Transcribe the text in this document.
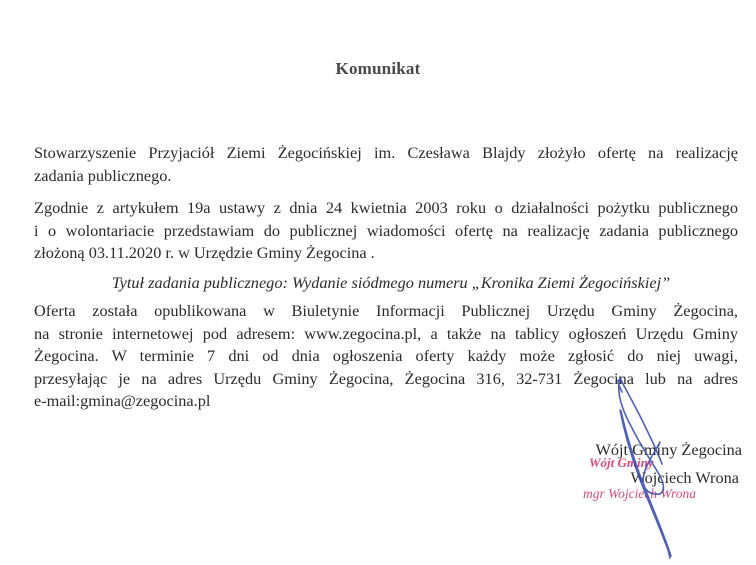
Komunikat
Stowarzyszenie Przyjaciół Ziemi Żegocińskiej im. Czesława Blajdy złożyło ofertę na realizację
zadania publicznego.
Zgodnie z artykułem 19a ustawy z dnia 24 kwietnia 2003 roku o działalności pożytku publicznego
i o wolontariacie przedstawiam do publicznej wiadomości ofertę na realizację zadania publicznego
złożoną 03.11.2020 r. w Urzędzie Gminy Żegocina .
Tytuł zadania publicznego: Wydanie siódmego numeru „Kronika Ziemi Żegocińskiej”
Oferta została opublikowana w Biuletynie Informacji Publicznej Urzędu Gminy Żegocina,
na stronie internetowej pod adresem: www.zegocina.pl, a także na tablicy ogłoszeń Urzędu Gminy
Żegocina. W terminie 7 dni od dnia ogłoszenia oferty każdy może zgłosić do niej uwagi,
przesyłając je na adres Urzędu Gminy Żegocina, Żegocina 316, 32-731 Żegocina lub na adres
e-mail:gmina@zegocina.pl
Wójt Gminy Żegocina
Wójt Gminy
Wojciech Wrona
mgr Wojciech Wrona
